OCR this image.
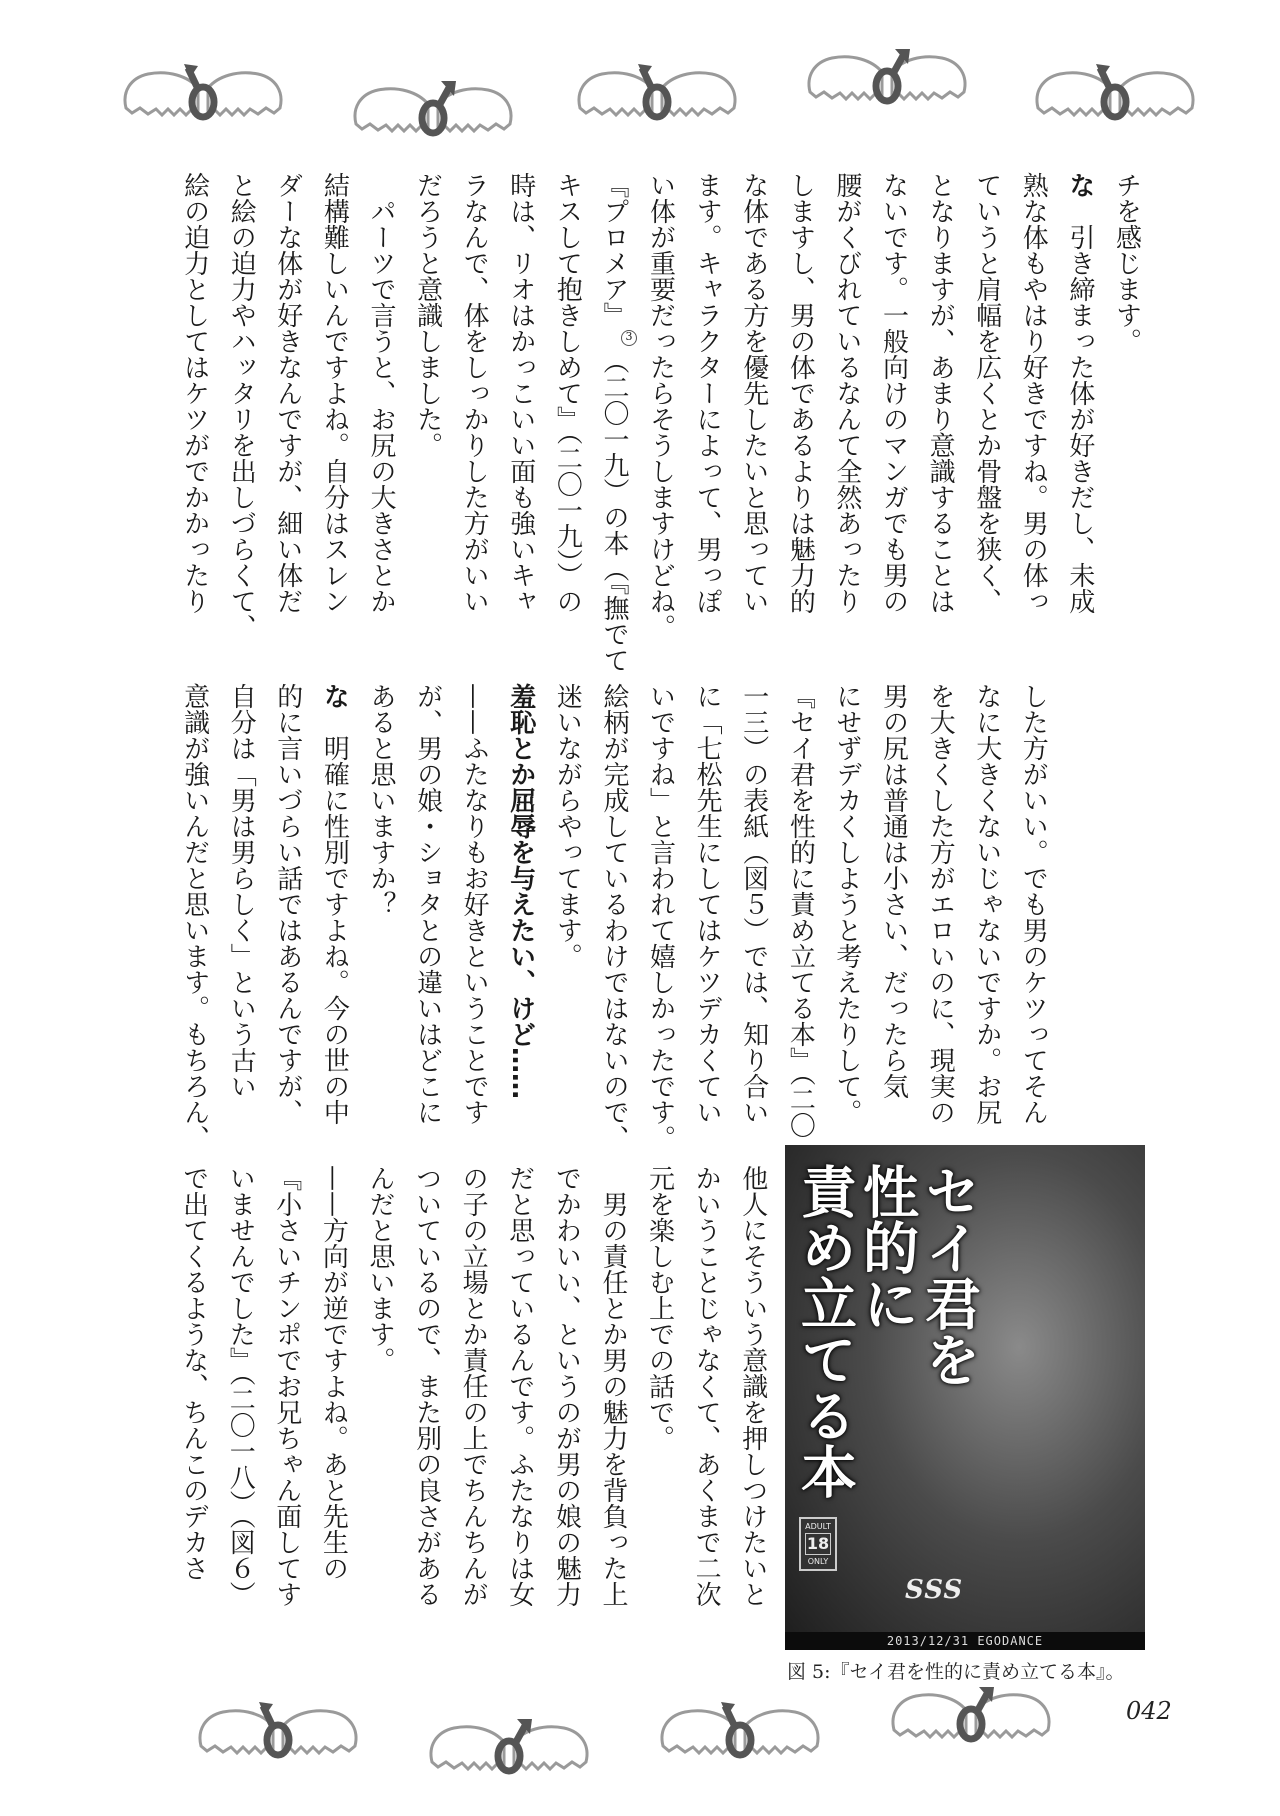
チを感じます。
な　引き締まった体が好きだし、未成
熟な体もやはり好きですね。男の体っ
ていうと肩幅を広くとか骨盤を狭く、
となりますが、あまり意識することは
ないです。一般向けのマンガでも男の
腰がくびれているなんて全然あったり
しますし、男の体であるよりは魅力的
な体である方を優先したいと思ってい
ます。キャラクターによって、男っぽ
い体が重要だったらそうしますけどね。
『プロメア』3（二〇一九）の本（『撫でて
キスして抱きしめて』（二〇一九））の
時は、リオはかっこいい面も強いキャ
ラなんで、体をしっかりした方がいい
だろうと意識しました。
　パーツで言うと、お尻の大きさとか
結構難しいんですよね。自分はスレン
ダーな体が好きなんですが、細い体だ
と絵の迫力やハッタリを出しづらくて、
絵の迫力としてはケツがでかかったり
した方がいい。でも男のケツってそん
なに大きくないじゃないですか。お尻
を大きくした方がエロいのに、現実の
男の尻は普通は小さい、だったら気
にせずデカくしようと考えたりして。
『セイ君を性的に責め立てる本』（二〇
一三）の表紙（図５）では、知り合い
に「七松先生にしてはケツデカくてい
いですね」と言われて嬉しかったです。
絵柄が完成しているわけではないので、
迷いながらやってます。
羞恥とか屈辱を与えたい、けど……
——ふたなりもお好きということです
が、男の娘・ショタとの違いはどこに
あると思いますか？
な　明確に性別ですよね。今の世の中
的に言いづらい話ではあるんですが、
自分は「男は男らしく」という古い
意識が強いんだと思います。もちろん、
他人にそういう意識を押しつけたいと
かいうことじゃなくて、あくまで二次
元を楽しむ上での話で。
　男の責任とか男の魅力を背負った上
でかわいい、というのが男の娘の魅力
だと思っているんです。ふたなりは女
の子の立場とか責任の上でちんちんが
ついているので、また別の良さがある
んだと思います。
——方向が逆ですよね。あと先生の
『小さいチンポでお兄ちゃん面してす
いませんでした』（二〇一八）（図６）
で出てくるような、ちんこのデカさ	セイ君を
性的に
責め立てる本
ADULT
18
ONLY
SSS
2013/12/31 EGODANCE
図 5:『セイ君を性的に責め立てる本』。
042
